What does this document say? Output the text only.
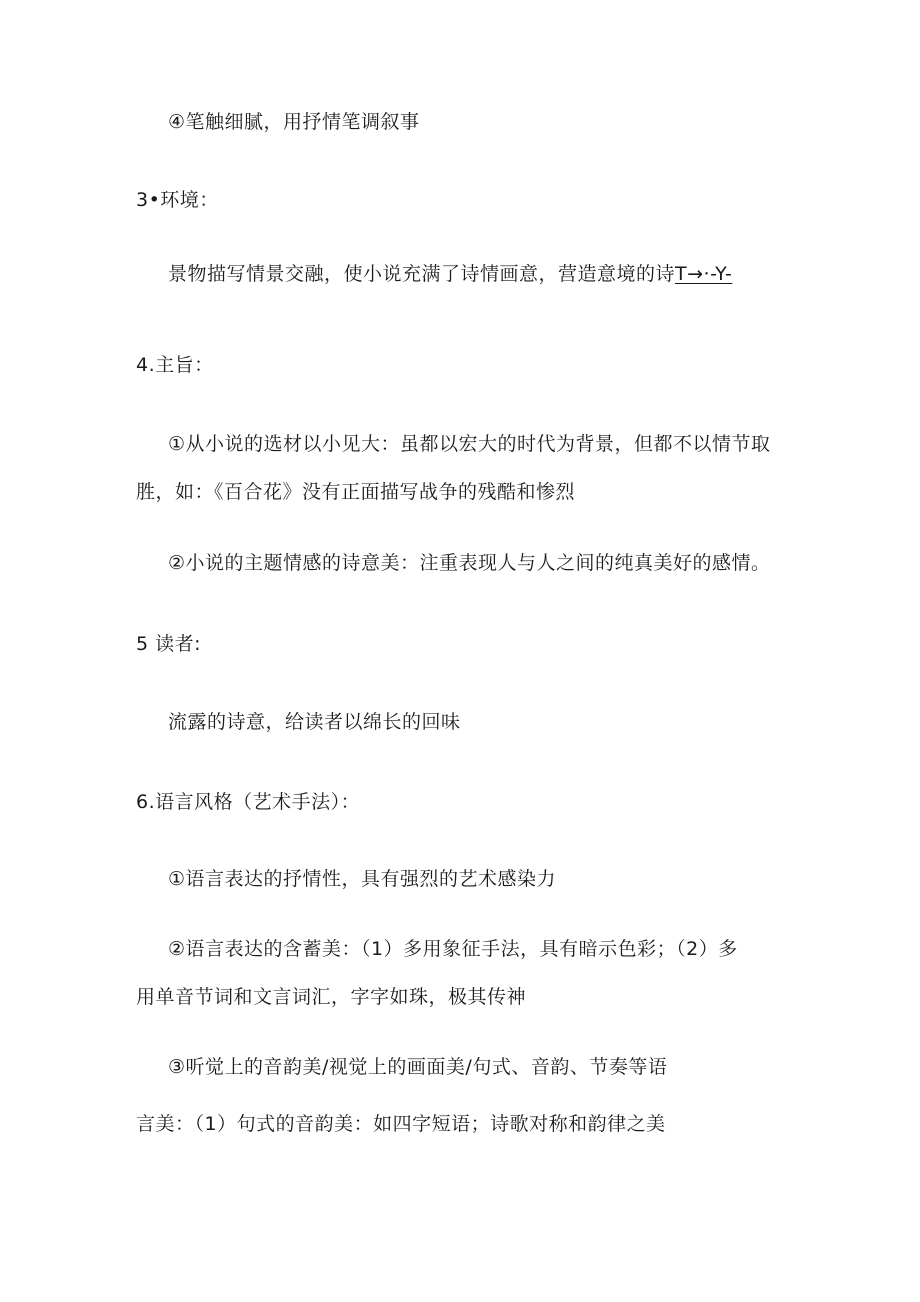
④笔触细腻，用抒情笔调叙事
3•环境：
景物描写情景交融，使小说充满了诗情画意，营造意境的诗T→·-Y-
4.主旨：
①从小说的选材以小见大：虽都以宏大的时代为背景，但都不以情节取
胜，如：《百合花》没有正面描写战争的残酷和惨烈
②小说的主题情感的诗意美：注重表现人与人之间的纯真美好的感情。
5 读者:
流露的诗意，给读者以绵长的回味
6.语言风格（艺术手法）：
①语言表达的抒情性，具有强烈的艺术感染力
②语言表达的含蓄美：（1）多用象征手法，具有暗示色彩；（2）多
用单音节词和文言词汇，字字如珠，极其传神
③听觉上的音韵美/视觉上的画面美/句式、音韵、节奏等语
言美：（1）句式的音韵美：如四字短语；诗歌对称和韵律之美
